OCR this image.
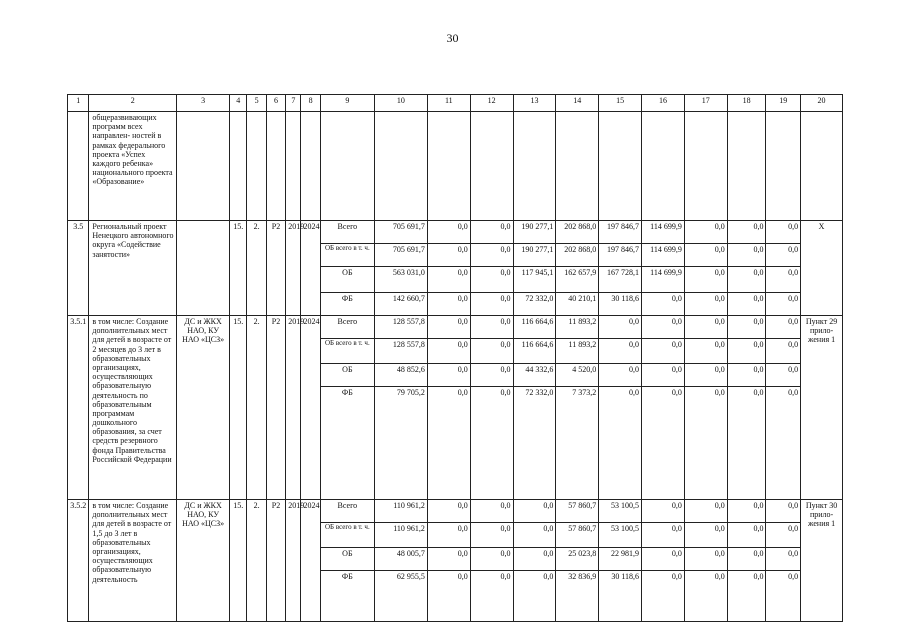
30
1	2	3	4	5	6	7	8	9	10	11	12	13	14	15	16	17	18	19	20
	общеразвивающих программ всех направлен- ностей в рамках федерального проекта «Успех каждого ребенка» национального проекта «Образование»																		
3.5	Региональный проект Ненецкого автономного округа «Содействие занятости»		15.	2.	Р2	2019	2024	Всего	705 691,7	0,0	0,0	190 277,1	202 868,0	197 846,7	114 699,9	0,0	0,0	0,0	Х
								ОБ всего в т. ч.	705 691,7	0,0	0,0	190 277,1	202 868,0	197 846,7	114 699,9	0,0	0,0	0,0	
								ОБ	563 031,0	0,0	0,0	117 945,1	162 657,9	167 728,1	114 699,9	0,0	0,0	0,0	
								ФБ	142 660,7	0,0	0,0	72 332,0	40 210,1	30 118,6	0,0	0,0	0,0	0,0	
3.5.1	в том числе: Создание дополнительных мест для детей в возрасте от 2 месяцев до 3 лет в образовательных организациях, осуществляющих образовательную деятельность по образовательным программам дошкольного образования, за счет средств резервного фонда Правительства Российской Федерации	ДС и ЖКХ НАО, КУ НАО «ЦСЗ»	15.	2.	Р2	2019	2024	Всего	128 557,8	0,0	0,0	116 664,6	11 893,2	0,0	0,0	0,0	0,0	0,0	Пункт 29 прило- жения 1
								ОБ всего в т. ч.	128 557,8	0,0	0,0	116 664,6	11 893,2	0,0	0,0	0,0	0,0	0,0	
								ОБ	48 852,6	0,0	0,0	44 332,6	4 520,0	0,0	0,0	0,0	0,0	0,0	
								ФБ	79 705,2	0,0	0,0	72 332,0	7 373,2	0,0	0,0	0,0	0,0	0,0	
3.5.2	в том числе: Создание дополнительных мест для детей в возрасте от 1,5 до 3 лет в образовательных организациях, осуществляющих образовательную деятельность	ДС и ЖКХ НАО, КУ НАО «ЦСЗ»	15.	2.	Р2	2019	2024	Всего	110 961,2	0,0	0,0	0,0	57 860,7	53 100,5	0,0	0,0	0,0	0,0	Пункт 30 прило- жения 1
								ОБ всего в т. ч.	110 961,2	0,0	0,0	0,0	57 860,7	53 100,5	0,0	0,0	0,0	0,0	
								ОБ	48 005,7	0,0	0,0	0,0	25 023,8	22 981,9	0,0	0,0	0,0	0,0	
								ФБ	62 955,5	0,0	0,0	0,0	32 836,9	30 118,6	0,0	0,0	0,0	0,0	
